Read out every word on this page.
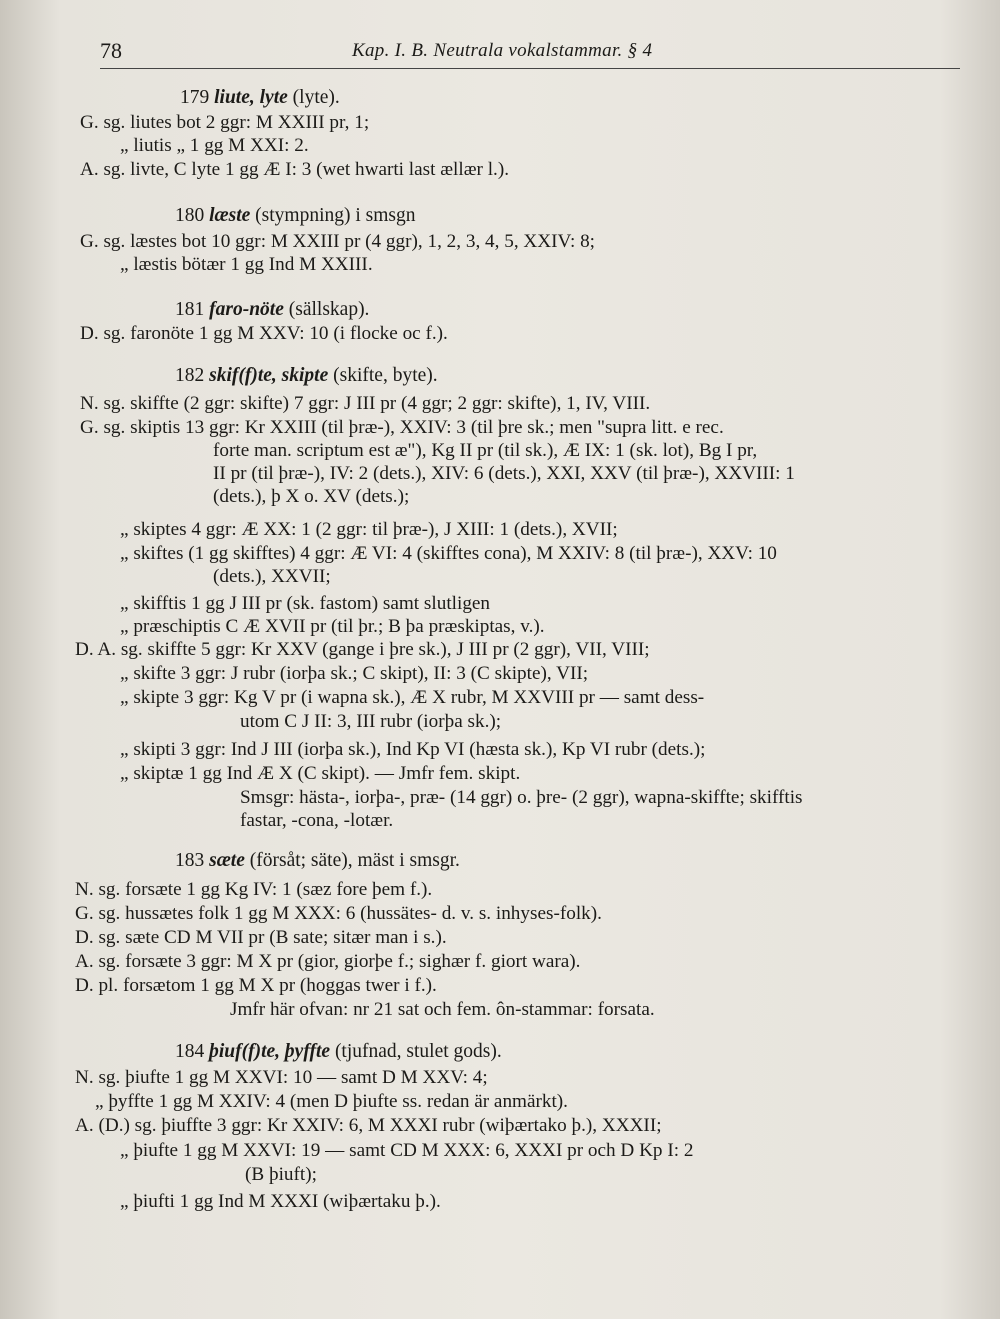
78	Kap. I. B. Neutrala vokalstammar. § 4
179 liute, lyte (lyte).
G. sg. liutes bot 2 ggr: M XXIII pr, 1;
„ liutis „ 1 gg M XXI: 2.
A. sg. livte, C lyte 1 gg Æ I: 3 (wet hwarti last ællær l.).
180 læste (stympning) i smsgn
G. sg. læstes bot 10 ggr: M XXIII pr (4 ggr), 1, 2, 3, 4, 5, XXIV: 8;
„ læstis bötær 1 gg Ind M XXIII.
181 faro-nöte (sällskap).
D. sg. faronöte 1 gg M XXV: 10 (i flocke oc f.).
182 skif(f)te, skipte (skifte, byte).
N. sg. skiffte (2 ggr: skifte) 7 ggr: J III pr (4 ggr; 2 ggr: skifte), 1, IV, VIII.
G. sg. skiptis 13 ggr: Kr XXIII (til þræ-), XXIV: 3 (til þre sk.; men "supra litt. e rec.
forte man. scriptum est æ"), Kg II pr (til sk.), Æ IX: 1 (sk. lot), Bg I pr,
II pr (til þræ-), IV: 2 (dets.), XIV: 6 (dets.), XXI, XXV (til þræ-), XXVIII: 1
(dets.), þ X o. XV (dets.);
„ skiptes 4 ggr: Æ XX: 1 (2 ggr: til þræ-), J XIII: 1 (dets.), XVII;
„ skiftes (1 gg skifftes) 4 ggr: Æ VI: 4 (skifftes cona), M XXIV: 8 (til þræ-), XXV: 10
(dets.), XXVII;
„ skifftis 1 gg J III pr (sk. fastom) samt slutligen
„ præschiptis C Æ XVII pr (til þr.; B þa præskiptas, v.).
D. A. sg. skiffte 5 ggr: Kr XXV (gange i þre sk.), J III pr (2 ggr), VII, VIII;
„ skifte 3 ggr: J rubr (iorþa sk.; C skipt), II: 3 (C skipte), VII;
„ skipte 3 ggr: Kg V pr (i wapna sk.), Æ X rubr, M XXVIII pr — samt dess-
utom C J II: 3, III rubr (iorþa sk.);
„ skipti 3 ggr: Ind J III (iorþa sk.), Ind Kp VI (hæsta sk.), Kp VI rubr (dets.);
„ skiptæ 1 gg Ind Æ X (C skipt). — Jmfr fem. skipt.
Smsgr: hästa-, iorþa-, præ- (14 ggr) o. þre- (2 ggr), wapna-skiffte; skifftis
fastar, -cona, -lotær.
183 sæte (försåt; säte), mäst i smsgr.
N. sg. forsæte 1 gg Kg IV: 1 (sæz fore þem f.).
G. sg. hussætes folk 1 gg M XXX: 6 (hussätes- d. v. s. inhyses-folk).
D. sg. sæte CD M VII pr (B sate; sitær man i s.).
A. sg. forsæte 3 ggr: M X pr (gior, giorþe f.; sighær f. giort wara).
D. pl. forsætom 1 gg M X pr (hoggas twer i f.).
Jmfr här ofvan: nr 21 sat och fem. ôn-stammar: forsata.
184 þiuf(f)te, þyffte (tjufnad, stulet gods).
N. sg. þiufte 1 gg M XXVI: 10 — samt D M XXV: 4;
„ þyffte 1 gg M XXIV: 4 (men D þiufte ss. redan är anmärkt).
A. (D.) sg. þiuffte 3 ggr: Kr XXIV: 6, M XXXI rubr (wiþærtako þ.), XXXII;
„ þiufte 1 gg M XXVI: 19 — samt CD M XXX: 6, XXXI pr och D Kp I: 2
(B þiuft);
„ þiufti 1 gg Ind M XXXI (wiþærtaku þ.).
